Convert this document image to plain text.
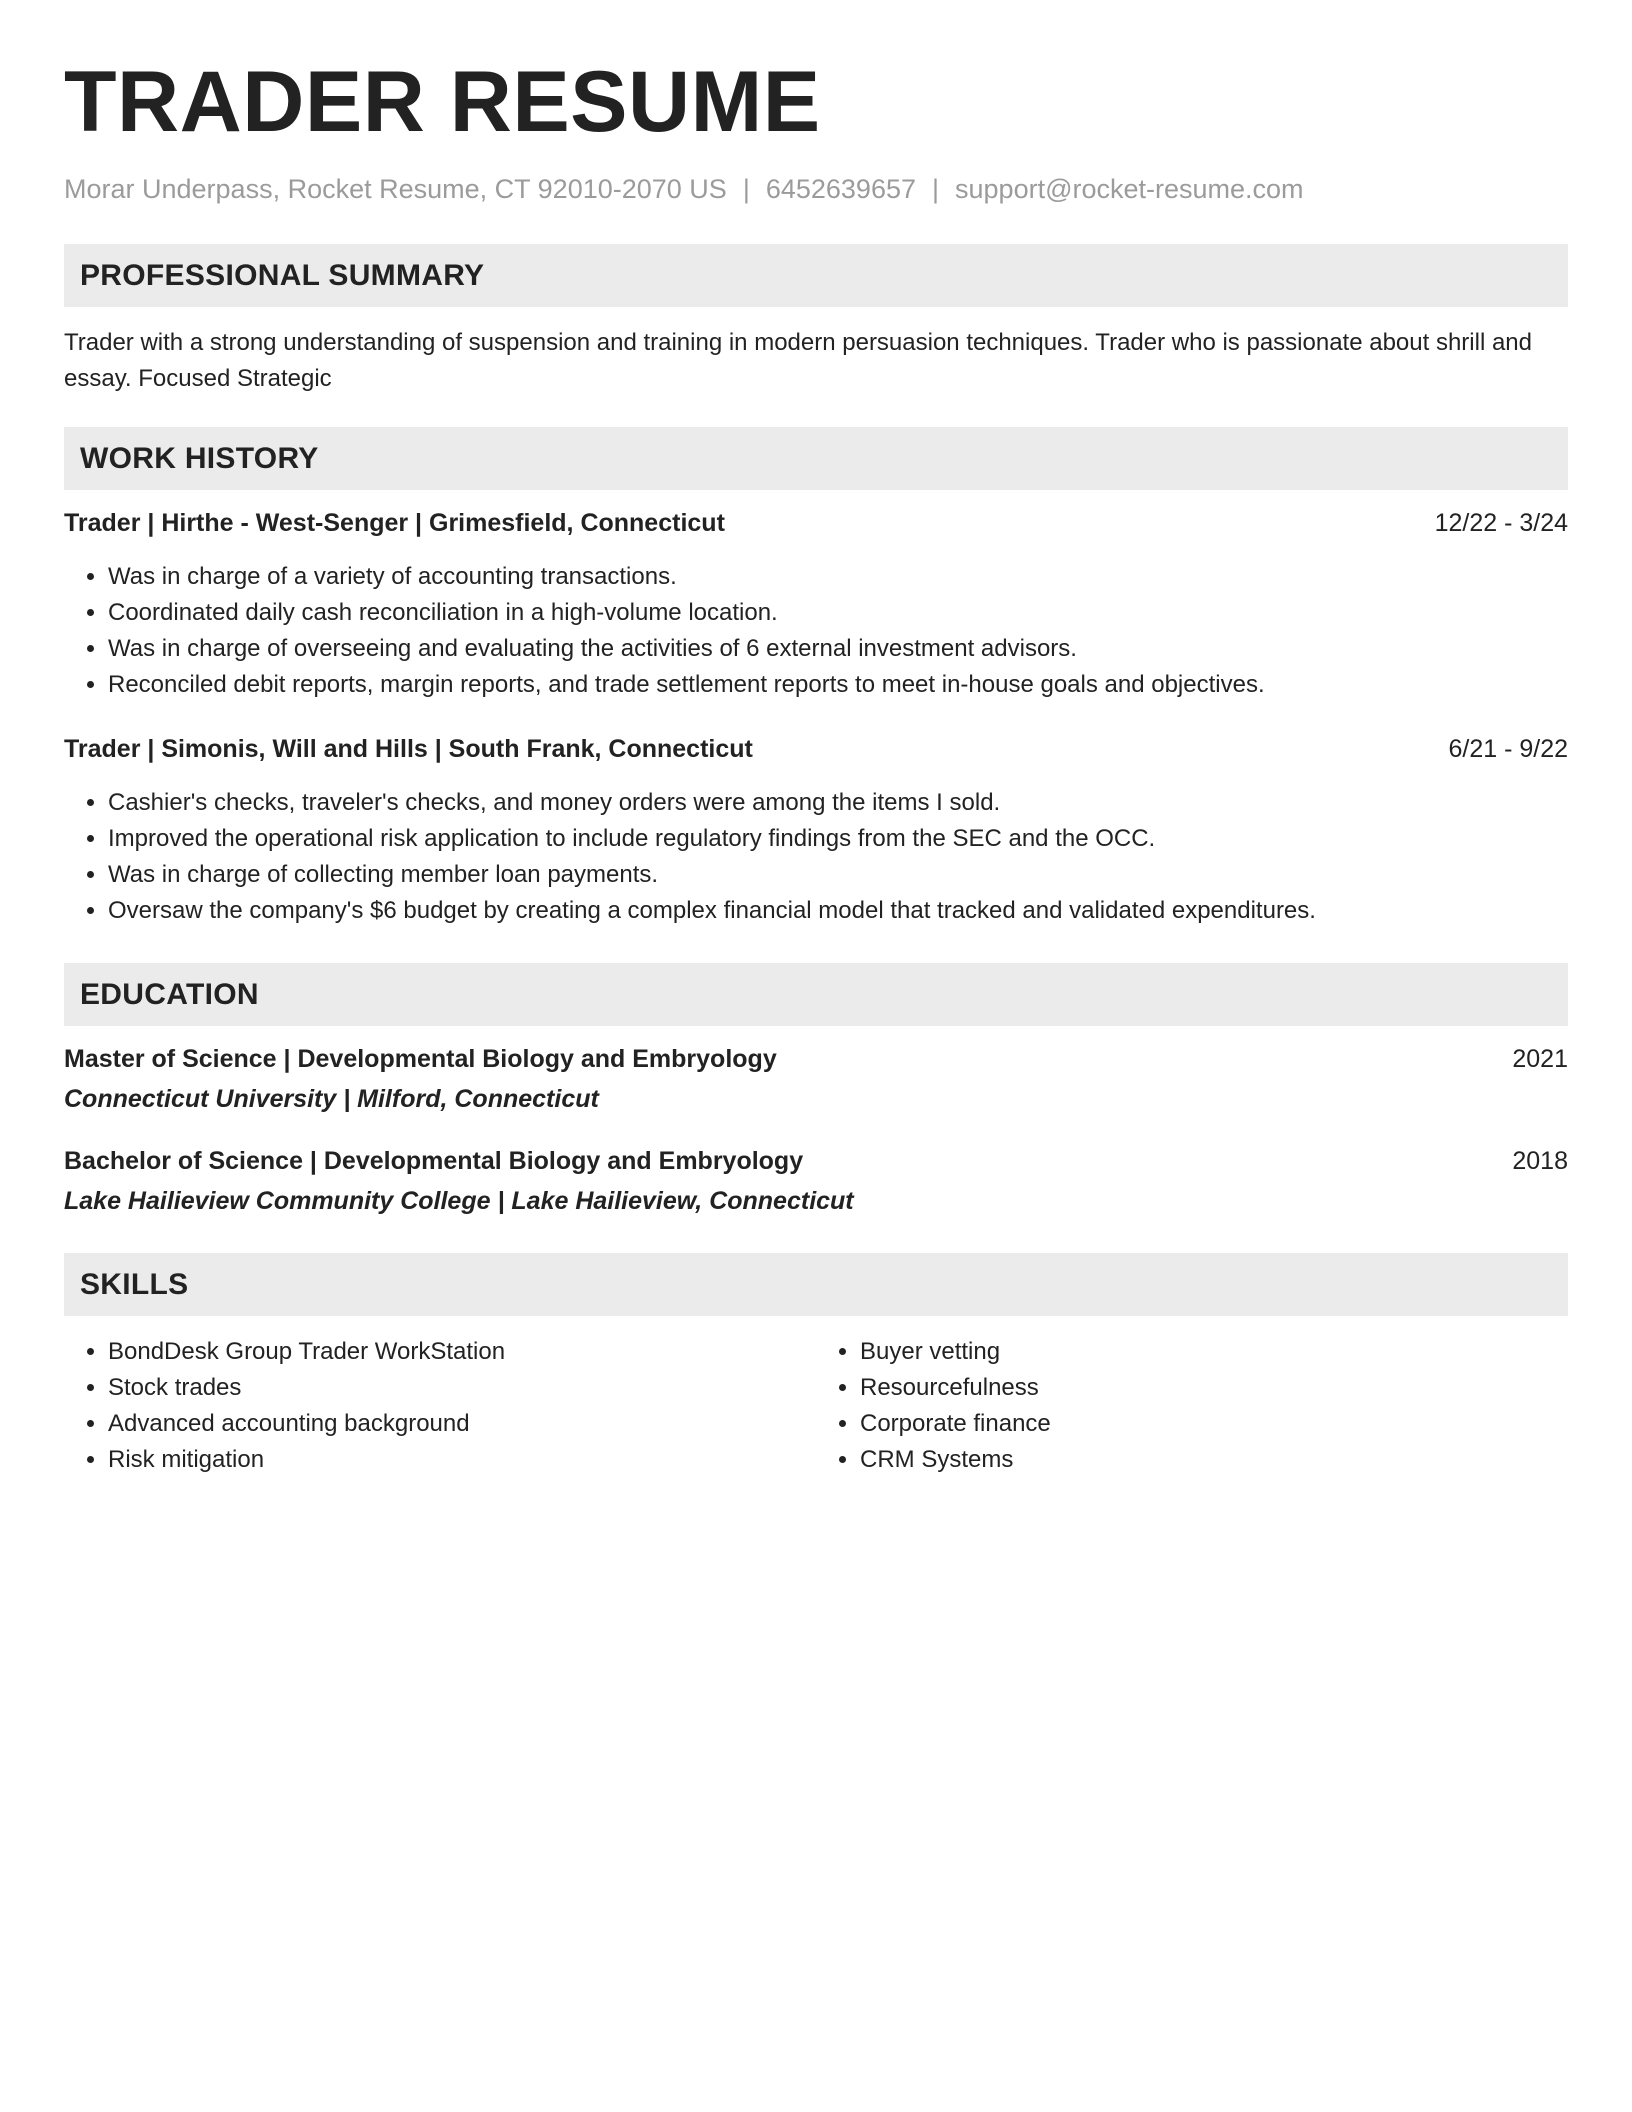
TRADER RESUME
Morar Underpass, Rocket Resume, CT 92010-2070 US | 6452639657 | support@rocket-resume.com
PROFESSIONAL SUMMARY

Trader with a strong understanding of suspension and training in modern persuasion techniques. Trader who is passionate about shrill and essay. Focused Strategic

WORK HISTORY
Trader | Hirthe - West-Senger | Grimesfield, Connecticut	12/22 - 3/24
• Was in charge of a variety of accounting transactions.
• Coordinated daily cash reconciliation in a high-volume location.
• Was in charge of overseeing and evaluating the activities of 6 external investment advisors.
• Reconciled debit reports, margin reports, and trade settlement reports to meet in-house goals and objectives.
Trader | Simonis, Will and Hills | South Frank, Connecticut	6/21 - 9/22
• Cashier's checks, traveler's checks, and money orders were among the items I sold.
• Improved the operational risk application to include regulatory findings from the SEC and the OCC.
• Was in charge of collecting member loan payments.
• Oversaw the company's $6 budget by creating a complex financial model that tracked and validated expenditures.
EDUCATION
Master of Science | Developmental Biology and Embryology	2021
Connecticut University | Milford, Connecticut
Bachelor of Science | Developmental Biology and Embryology	2018
Lake Hailieview Community College | Lake Hailieview, Connecticut
SKILLS
• BondDesk Group Trader WorkStation
• Stock trades
• Advanced accounting background
• Risk mitigation
• Buyer vetting
• Resourcefulness
• Corporate finance
• CRM Systems
